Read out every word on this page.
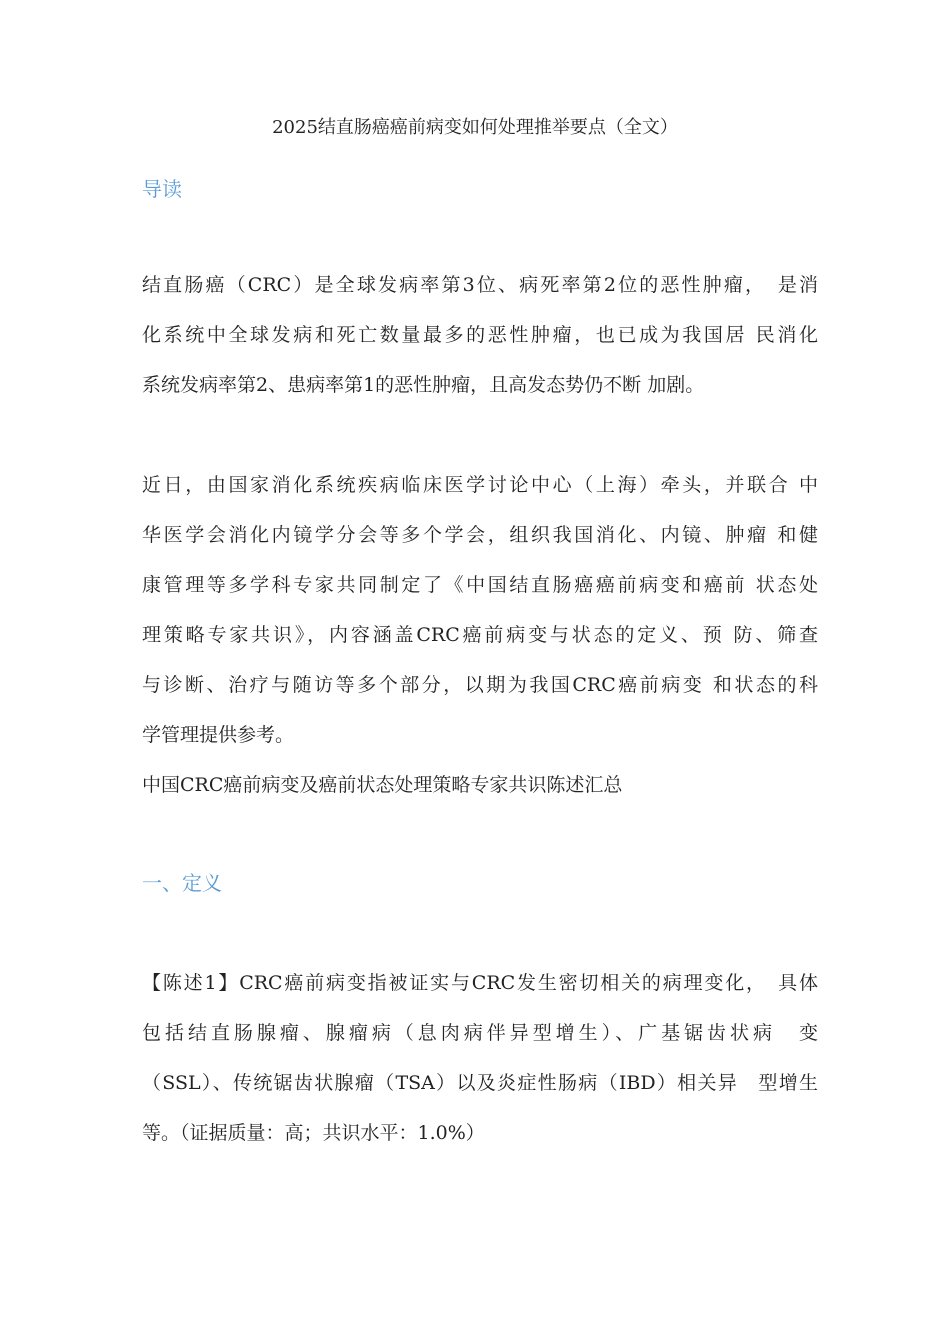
2025结直肠癌癌前病变如何处理推举要点（全文）
导读
结直肠癌（CRC）是全球发病率第3位、病死率第2位的恶性肿瘤，　是消
化系统中全球发病和死亡数量最多的恶性肿瘤，也已成为我国居 民消化
系统发病率第2、患病率第1的恶性肿瘤，且高发态势仍不断 加剧。
近日，由国家消化系统疾病临床医学讨论中心（上海）牵头，并联合 中
华医学会消化内镜学分会等多个学会，组织我国消化、内镜、肿瘤 和健
康管理等多学科专家共同制定了《中国结直肠癌癌前病变和癌前 状态处
理策略专家共识》，内容涵盖CRC癌前病变与状态的定义、预 防、筛查
与诊断、治疗与随访等多个部分，以期为我国CRC癌前病变 和状态的科
学管理提供参考。

中国CRC癌前病变及癌前状态处理策略专家共识陈述汇总

一、定义
【陈述1】CRC癌前病变指被证实与CRC发生密切相关的病理变化，　具体
包括结直肠腺瘤、腺瘤病（息肉病伴异型增生）、广基锯齿状病　变
（SSL）、传统锯齿状腺瘤（TSA）以及炎症性肠病（IBD）相关异　型增生
等。（证据质量：高；共识水平：1.0%）
